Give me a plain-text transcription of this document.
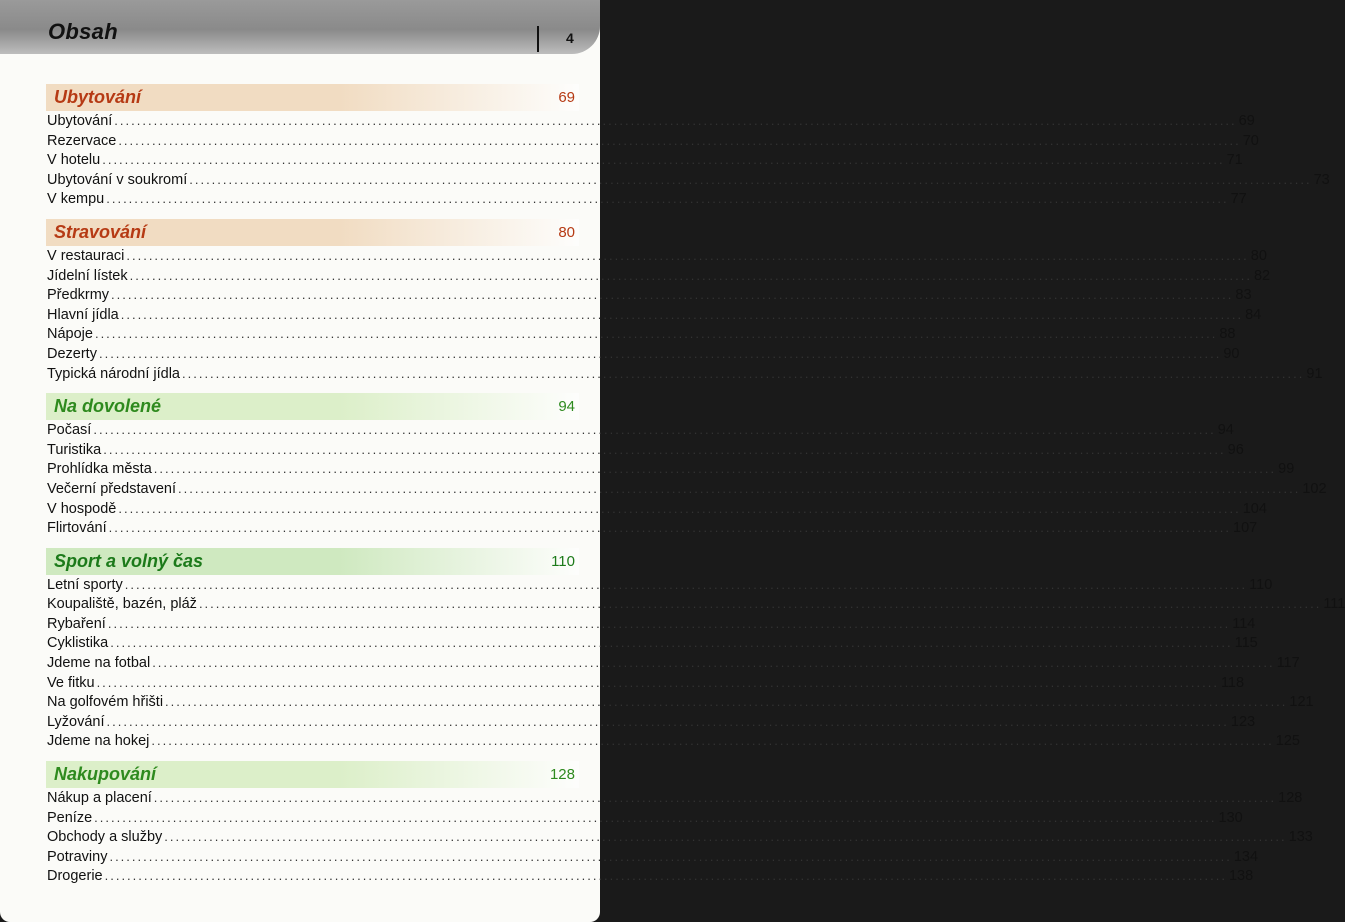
Obsah	4
Ubytování	69
Ubytování ........................................................................................................................................................................................................ 69
Rezervace ........................................................................................................................................................................................................ 70
V hotelu ........................................................................................................................................................................................................ 71
Ubytování v soukromí ........................................................................................................................................................................................................ 73
V kempu ........................................................................................................................................................................................................ 77
Stravování	80
V restauraci ........................................................................................................................................................................................................ 80
Jídelní lístek ........................................................................................................................................................................................................ 82
Předkrmy ........................................................................................................................................................................................................ 83
Hlavní jídla ........................................................................................................................................................................................................ 84
Nápoje ........................................................................................................................................................................................................ 88
Dezerty ........................................................................................................................................................................................................ 90
Typická národní jídla ........................................................................................................................................................................................................ 91
Na dovolené	94
Počasí ........................................................................................................................................................................................................ 94
Turistika ........................................................................................................................................................................................................ 96
Prohlídka města ........................................................................................................................................................................................................ 99
Večerní představení ........................................................................................................................................................................................................ 102
V hospodě ........................................................................................................................................................................................................ 104
Flirtování ........................................................................................................................................................................................................ 107
Sport a volný čas	110
Letní sporty ........................................................................................................................................................................................................ 110
Koupaliště, bazén, pláž ........................................................................................................................................................................................................ 111
Rybaření ........................................................................................................................................................................................................ 114
Cyklistika ........................................................................................................................................................................................................ 115
Jdeme na fotbal ........................................................................................................................................................................................................ 117
Ve fitku ........................................................................................................................................................................................................ 118
Na golfovém hřišti ........................................................................................................................................................................................................ 121
Lyžování ........................................................................................................................................................................................................ 123
Jdeme na hokej ........................................................................................................................................................................................................ 125
Nakupování	128
Nákup a placení ........................................................................................................................................................................................................ 128
Peníze ........................................................................................................................................................................................................ 130
Obchody a služby ........................................................................................................................................................................................................ 133
Potraviny ........................................................................................................................................................................................................ 134
Drogerie ........................................................................................................................................................................................................ 138
